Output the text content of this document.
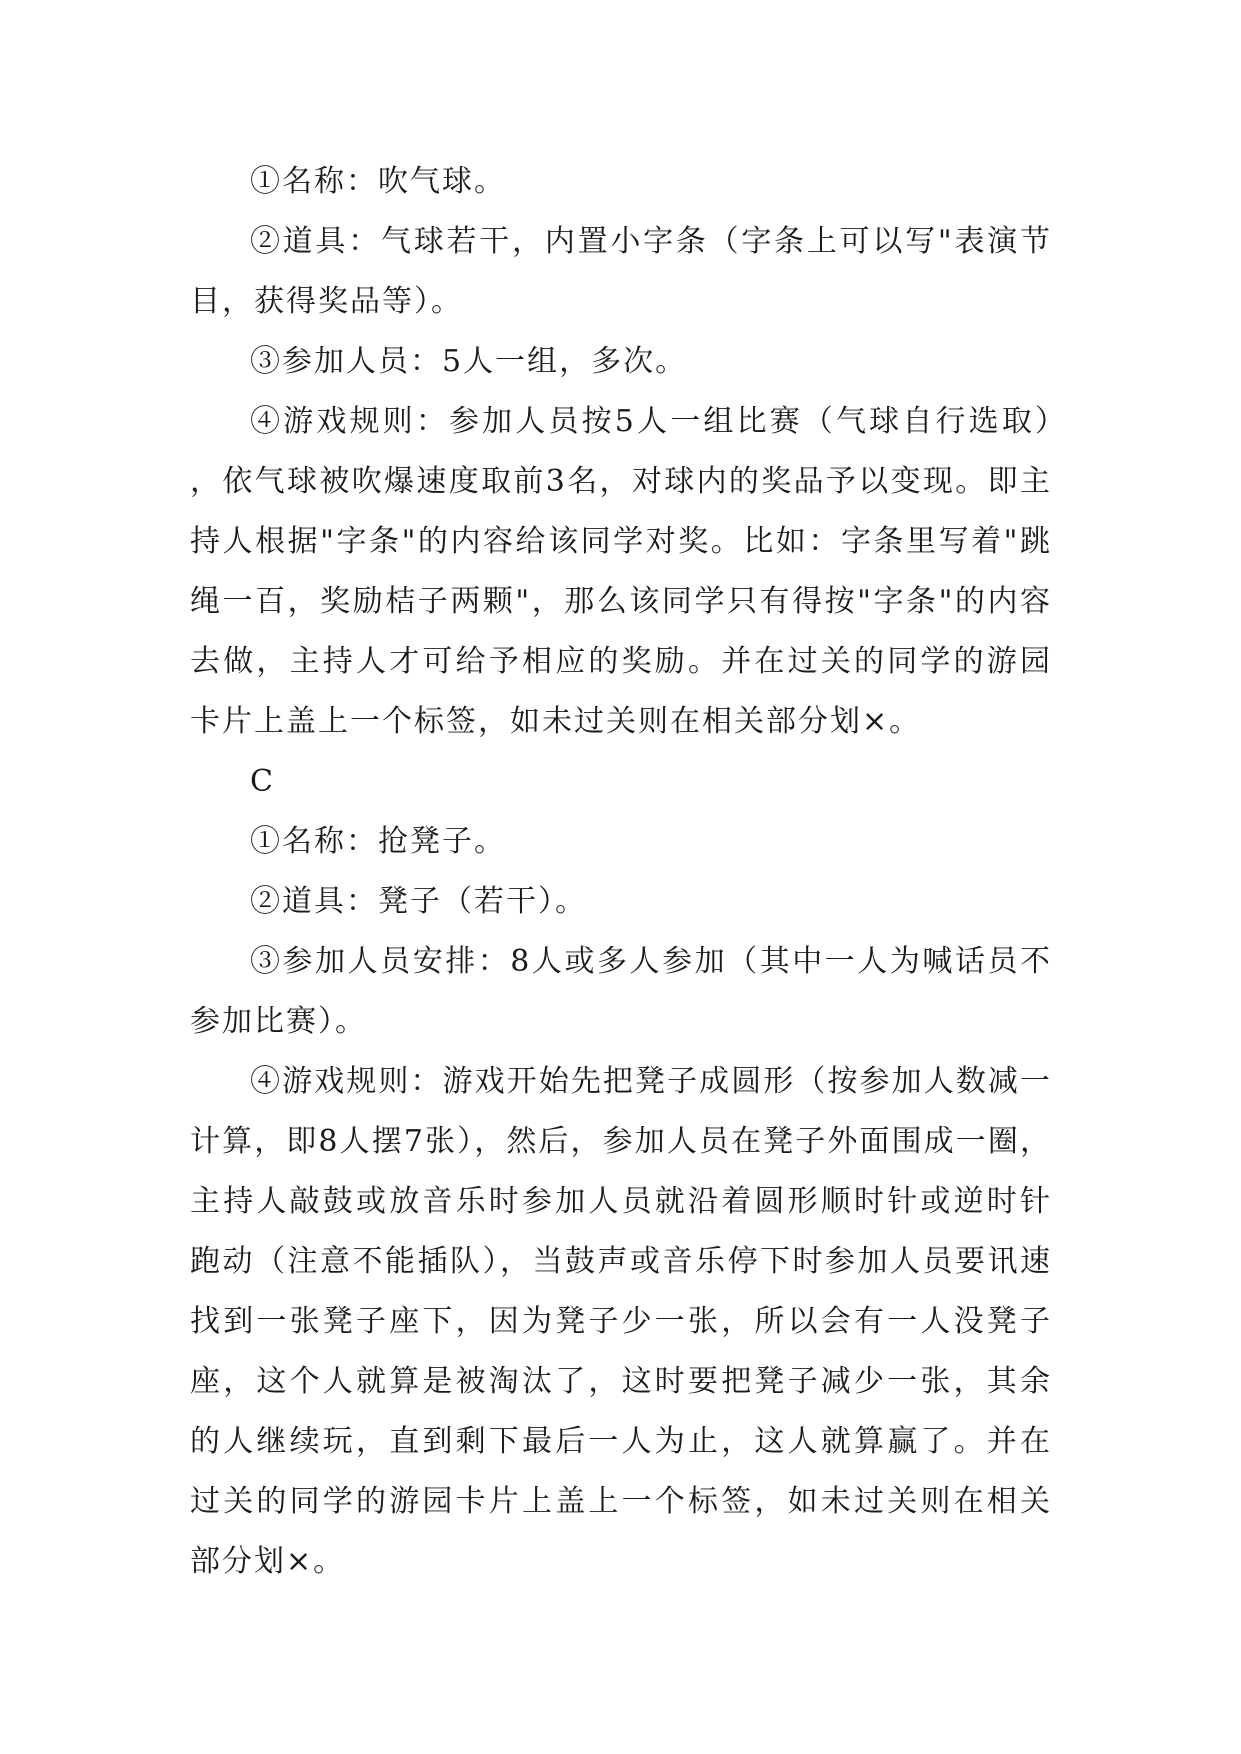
①名称：吹气球。

②道具：气球若干，内置小字条（字条上可以写"表演节目，获得奖品等）。

③参加人员：5人一组，多次。

④游戏规则：参加人员按5人一组比赛（气球自行选取），依气球被吹爆速度取前3名，对球内的奖品予以变现。即主持人根据"字条"的内容给该同学对奖。比如：字条里写着"跳绳一百，奖励桔子两颗"，那么该同学只有得按"字条"的内容去做，主持人才可给予相应的奖励。并在过关的同学的游园卡片上盖上一个标签，如未过关则在相关部分划×。

C

①名称：抢凳子。

②道具：凳子（若干）。

③参加人员安排：8人或多人参加（其中一人为喊话员不参加比赛）。

④游戏规则：游戏开始先把凳子成圆形（按参加人数减一计算，即8人摆7张），然后，参加人员在凳子外面围成一圈，主持人敲鼓或放音乐时参加人员就沿着圆形顺时针或逆时针跑动（注意不能插队），当鼓声或音乐停下时参加人员要讯速找到一张凳子座下，因为凳子少一张，所以会有一人没凳子座，这个人就算是被淘汰了，这时要把凳子减少一张，其余的人继续玩，直到剩下最后一人为止，这人就算赢了。并在过关的同学的游园卡片上盖上一个标签，如未过关则在相关部分划×。
